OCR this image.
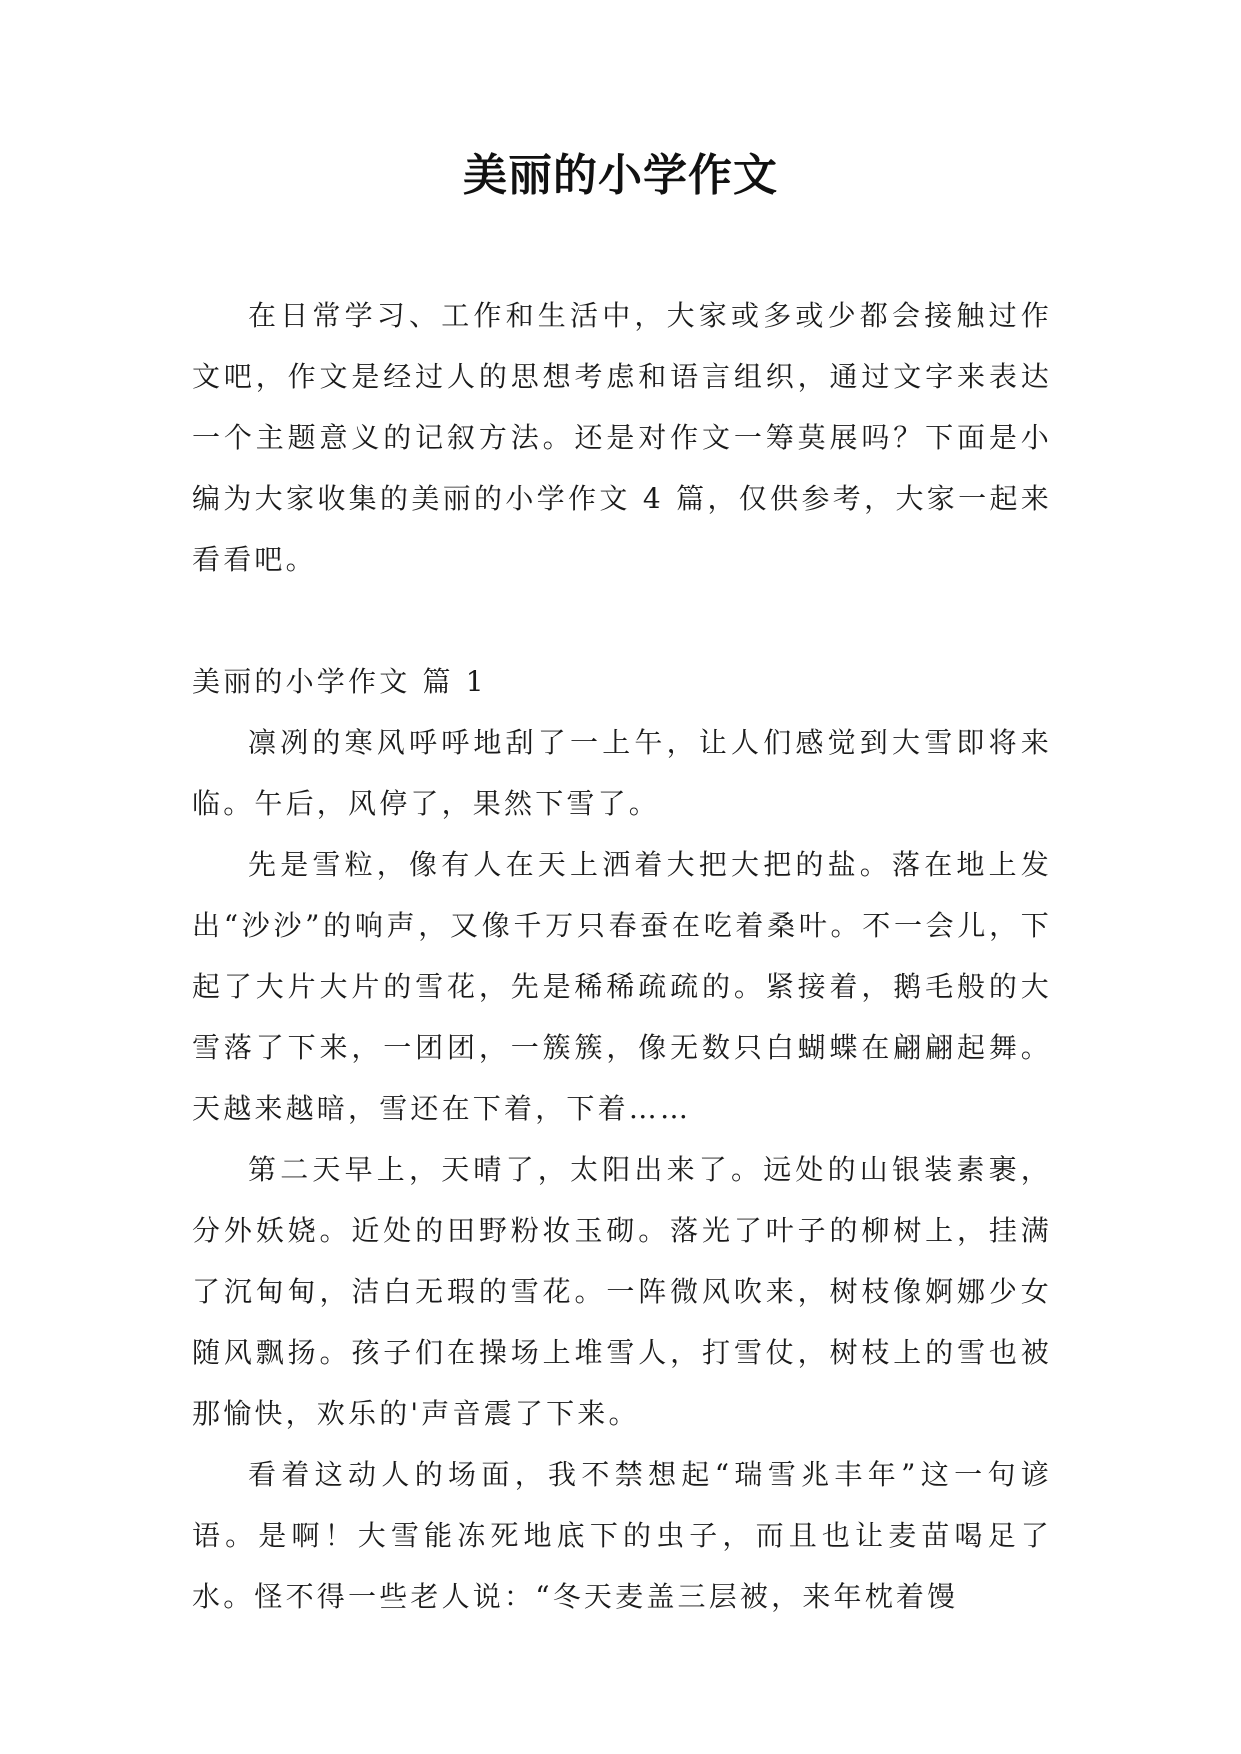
美丽的小学作文

在日常学习、工作和生活中，大家或多或少都会接触过作文吧，作文是经过人的思想考虑和语言组织，通过文字来表达一个主题意义的记叙方法。还是对作文一筹莫展吗？下面是小编为大家收集的美丽的小学作文 4 篇，仅供参考，大家一起来看看吧。

美丽的小学作文 篇 1

凛冽的寒风呼呼地刮了一上午，让人们感觉到大雪即将来临。午后，风停了，果然下雪了。

先是雪粒，像有人在天上洒着大把大把的盐。落在地上发出“沙沙”的响声，又像千万只春蚕在吃着桑叶。不一会儿，下起了大片大片的雪花，先是稀稀疏疏的。紧接着，鹅毛般的大雪落了下来，一团团，一簇簇，像无数只白蝴蝶在翩翩起舞。天越来越暗，雪还在下着，下着……

第二天早上，天晴了，太阳出来了。远处的山银装素裹，分外妖娆。近处的田野粉妆玉砌。落光了叶子的柳树上，挂满了沉甸甸，洁白无瑕的雪花。一阵微风吹来，树枝像婀娜少女随风飘扬。孩子们在操场上堆雪人，打雪仗，树枝上的雪也被那愉快，欢乐的'声音震了下来。

看着这动人的场面，我不禁想起“瑞雪兆丰年”这一句谚语。是啊！大雪能冻死地底下的虫子，而且也让麦苗喝足了水。怪不得一些老人说：“冬天麦盖三层被，来年枕着馒
